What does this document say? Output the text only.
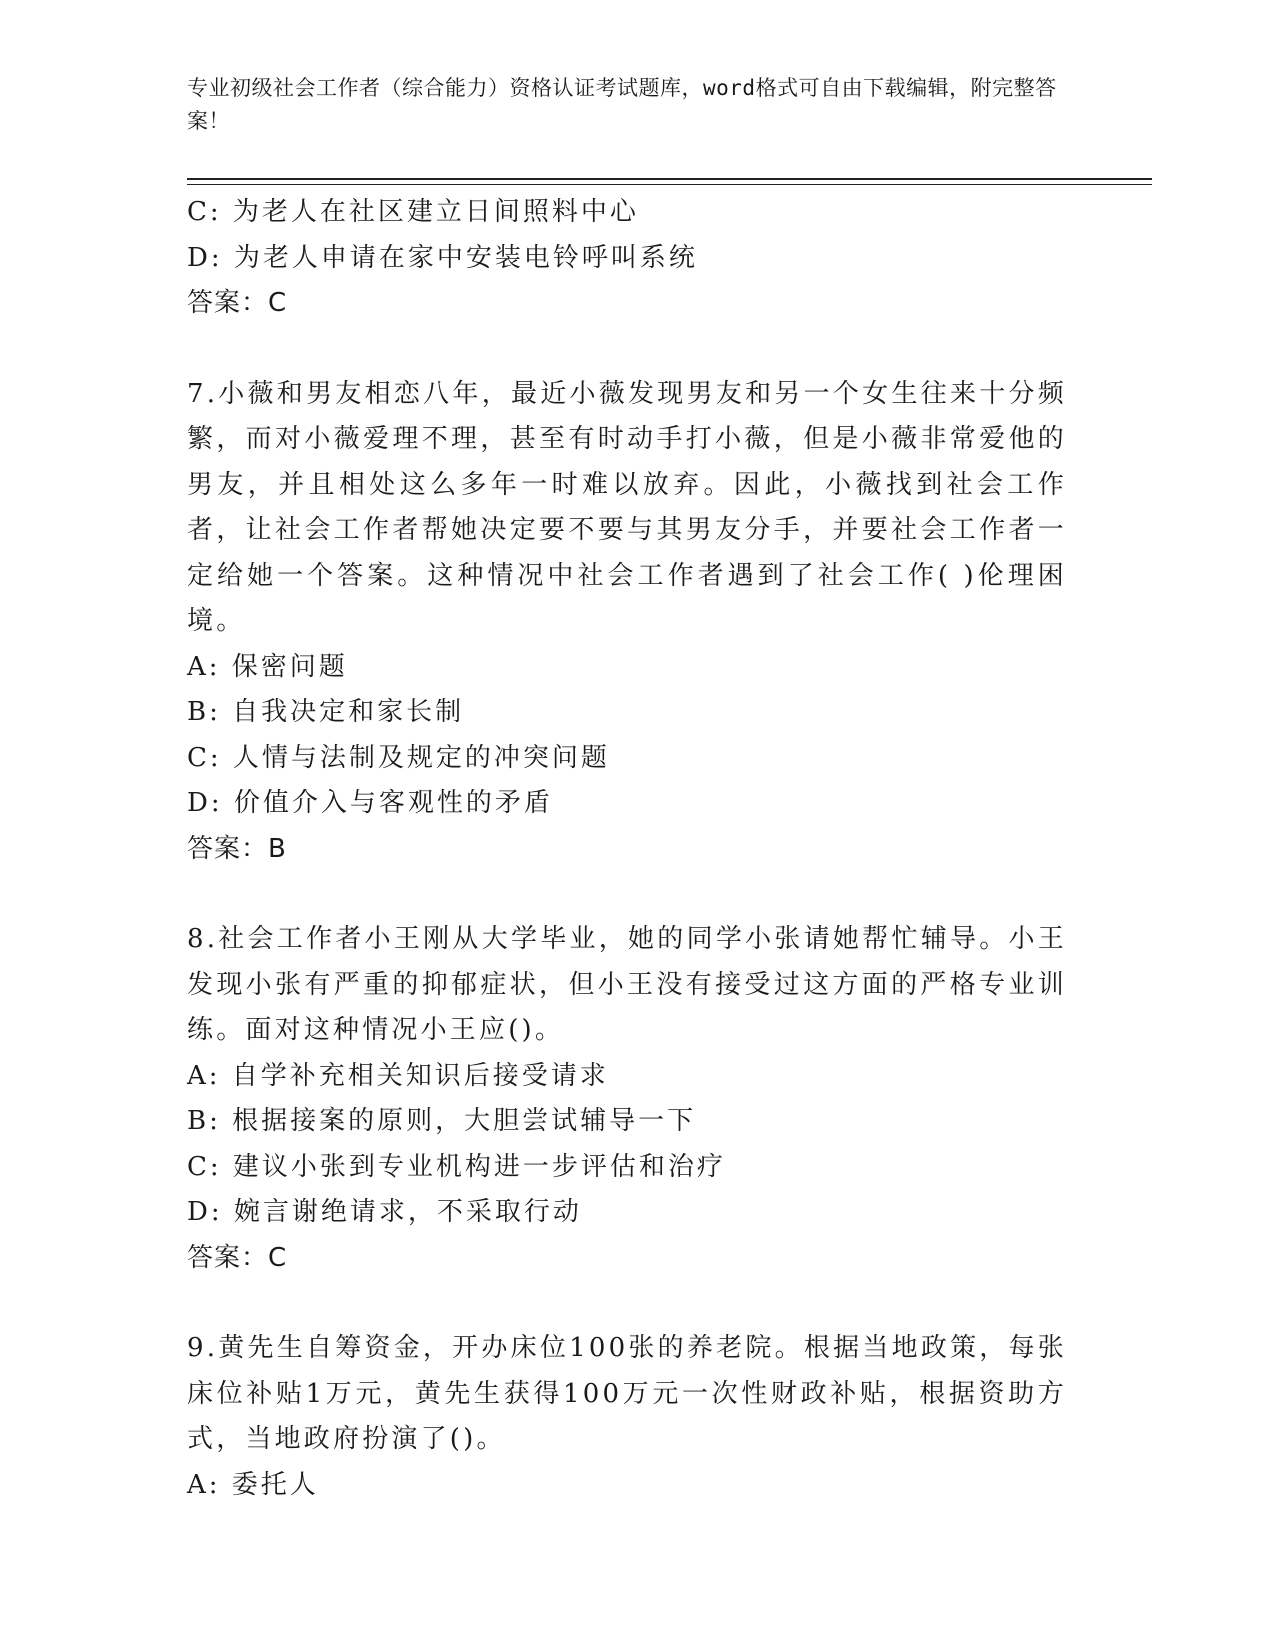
专业初级社会工作者（综合能力）资格认证考试题库，word格式可自由下载编辑，附完整答案！
C: 为老人在社区建立日间照料中心
D: 为老人申请在家中安装电铃呼叫系统
答案：C
7.小薇和男友相恋八年，最近小薇发现男友和另一个女生往来十分频繁，而对小薇爱理不理，甚至有时动手打小薇，但是小薇非常爱他的男友，并且相处这么多年一时难以放弃。因此，小薇找到社会工作者，让社会工作者帮她决定要不要与其男友分手，并要社会工作者一定给她一个答案。这种情况中社会工作者遇到了社会工作( )伦理困境。
A: 保密问题
B: 自我决定和家长制
C: 人情与法制及规定的冲突问题
D: 价值介入与客观性的矛盾
答案：B
8.社会工作者小王刚从大学毕业，她的同学小张请她帮忙辅导。小王发现小张有严重的抑郁症状，但小王没有接受过这方面的严格专业训练。面对这种情况小王应()。
A: 自学补充相关知识后接受请求
B: 根据接案的原则，大胆尝试辅导一下
C: 建议小张到专业机构进一步评估和治疗
D: 婉言谢绝请求，不采取行动
答案：C
9.黄先生自筹资金，开办床位100张的养老院。根据当地政策，每张床位补贴1万元，黄先生获得100万元一次性财政补贴，根据资助方式，当地政府扮演了()。
A: 委托人
